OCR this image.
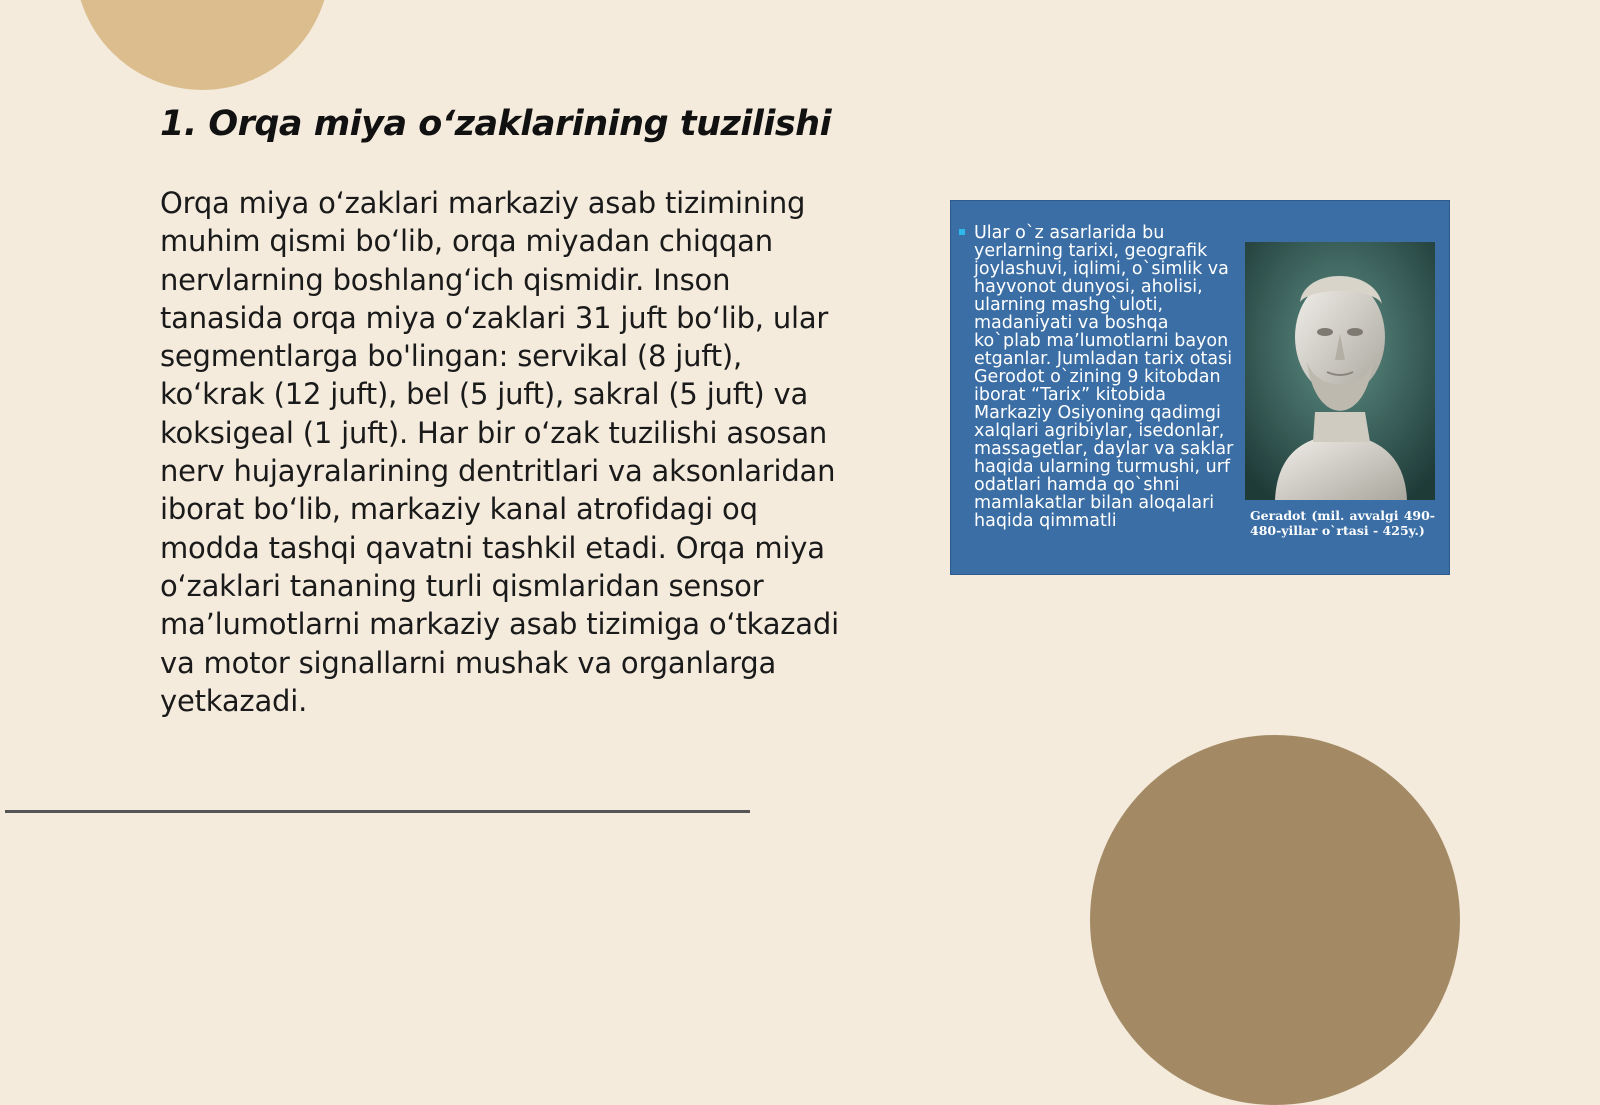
1. Orqa miya o‘zaklarining tuzilishi

Orqa miya o‘zaklari markaziy asab tizimining muhim qismi bo‘lib, orqa miyadan chiqqan nervlarning boshlang‘ich qismidir. Inson tanasida orqa miya o‘zaklari 31 juft bo‘lib, ular segmentlarga bo'lingan: servikal (8 juft), ko‘krak (12 juft), bel (5 juft), sakral (5 juft) va koksigeal (1 juft). Har bir o‘zak tuzilishi asosan nerv hujayralarining dentritlari va aksonlaridan iborat bo‘lib, markaziy kanal atrofidagi oq modda tashqi qavatni tashkil etadi. Orqa miya o‘zaklari tananing turli qismlaridan sensor ma’lumotlarni markaziy asab tizimiga o‘tkazadi va motor signallarni mushak va organlarga yetkazadi.

Ular o`z asarlarida bu yerlarning tarixi, geografik joylashuvi, iqlimi, o`simlik va hayvonot dunyosi, aholisi, ularning mashg`uloti, madaniyati va boshqa ko`plab ma’lumotlarni bayon etganlar. Jumladan tarix otasi Gerodot o`zining 9 kitobdan iborat “Tarix” kitobida Markaziy Osiyoning qadimgi xalqlari agribiylar, isedonlar, massagetlar, daylar va saklar haqida ularning turmushi, urf odatlari hamda qo`shni mamlakatlar bilan aloqalari haqida qimmatli	Geradot (mil. avvalgi 490-480-yillar o`rtasi - 425y.)
